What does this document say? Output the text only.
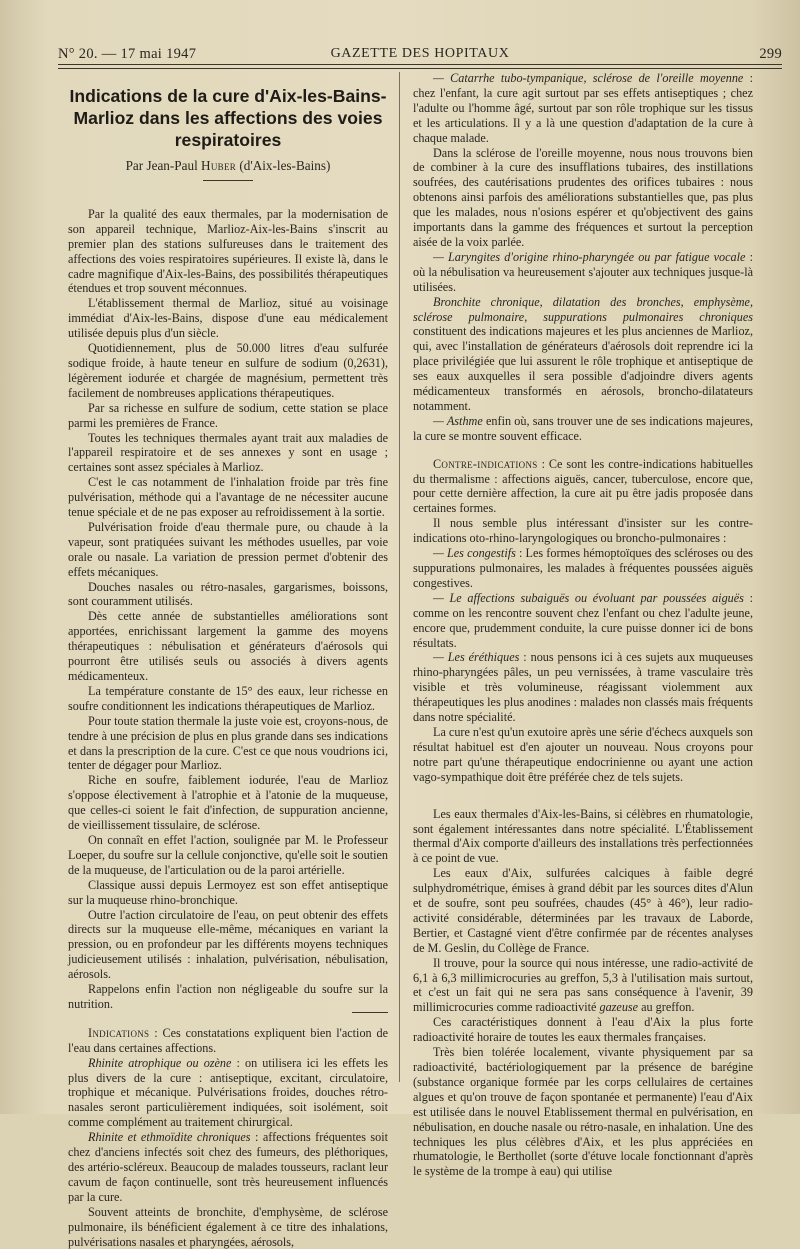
N° 20. — 17 mai 1947	GAZETTE DES HOPITAUX	299
Indications de la cure d'Aix-les-Bains-Marlioz dans les affections des voies respiratoires
Par Jean-Paul Huber (d'Aix-les-Bains)

Par la qualité des eaux thermales, par la modernisation de son appareil technique, Marlioz-Aix-les-Bains s'inscrit au premier plan des stations sulfureuses dans le traitement des affections des voies respiratoires supérieures. Il existe là, dans le cadre magnifique d'Aix-les-Bains, des possibilités thérapeutiques étendues et trop souvent méconnues.

L'établissement thermal de Marlioz, situé au voisinage immédiat d'Aix-les-Bains, dispose d'une eau médicalement utilisée depuis plus d'un siècle.

Quotidiennement, plus de 50.000 litres d'eau sulfurée sodique froide, à haute teneur en sulfure de sodium (0,2631), légèrement iodurée et chargée de magnésium, permettent très facilement de nombreuses applications thérapeutiques.

Par sa richesse en sulfure de sodium, cette station se place parmi les premières de France.

Toutes les techniques thermales ayant trait aux maladies de l'appareil respiratoire et de ses annexes y sont en usage ; certaines sont assez spéciales à Marlioz.

C'est le cas notamment de l'inhalation froide par très fine pulvérisation, méthode qui a l'avantage de ne nécessiter aucune tenue spéciale et de ne pas exposer au refroidissement à la sortie.

Pulvérisation froide d'eau thermale pure, ou chaude à la vapeur, sont pratiquées suivant les méthodes usuelles, par voie orale ou nasale. La variation de pression permet d'obtenir des effets mécaniques.

Douches nasales ou rétro-nasales, gargarismes, boissons, sont couramment utilisés.

Dès cette année de substantielles améliorations sont apportées, enrichissant largement la gamme des moyens thérapeutiques : nébulisation et générateurs d'aérosols qui pourront être utilisés seuls ou associés à divers agents médicamenteux.

La température constante de 15° des eaux, leur richesse en soufre conditionnent les indications thérapeutiques de Marlioz.

Pour toute station thermale la juste voie est, croyons-nous, de tendre à une précision de plus en plus grande dans ses indications et dans la prescription de la cure. C'est ce que nous voudrions ici, tenter de dégager pour Marlioz.

Riche en soufre, faiblement iodurée, l'eau de Marlioz s'oppose électivement à l'atrophie et à l'atonie de la muqueuse, que celles-ci soient le fait d'infection, de suppuration ancienne, de vieillissement tissulaire, de sclérose.

On connaît en effet l'action, soulignée par M. le Professeur Loeper, du soufre sur la cellule conjonctive, qu'elle soit le soutien de la muqueuse, de l'articulation ou de la paroi artérielle.

Classique aussi depuis Lermoyez est son effet antiseptique sur la muqueuse rhino-bronchique.

Outre l'action circulatoire de l'eau, on peut obtenir des effets directs sur la muqueuse elle-même, mécaniques en variant la pression, ou en profondeur par les différents moyens techniques judicieusement utilisés : inhalation, pulvérisation, nébulisation, aérosols.

Rappelons enfin l'action non négligeable du soufre sur la nutrition.

Indications : Ces constatations expliquent bien l'action de l'eau dans certaines affections.

Rhinite atrophique ou ozène : on utilisera ici les effets les plus divers de la cure : antiseptique, excitant, circulatoire, trophique et mécanique. Pulvérisations froides, douches rétro-nasales seront particulièrement indiquées, soit isolément, soit comme complément au traitement chirurgical.

Rhinite et ethmoïdite chroniques : affections fréquentes soit chez d'anciens infectés soit chez des fumeurs, des pléthoriques, des artério-scléreux. Beaucoup de malades tousseurs, raclant leur cavum de façon continuelle, sont très heureusement influencés par la cure.

Souvent atteints de bronchite, d'emphysème, de sclérose pulmonaire, ils bénéficient également à ce titre des inhalations, pulvérisations nasales et pharyngées, aérosols,

— Catarrhe tubo-tympanique, sclérose de l'oreille moyenne : chez l'enfant, la cure agit surtout par ses effets antiseptiques ; chez l'adulte ou l'homme âgé, surtout par son rôle trophique sur les tissus et les articulations. Il y a là une question d'adaptation de la cure à chaque malade.

Dans la sclérose de l'oreille moyenne, nous nous trouvons bien de combiner à la cure des insufflations tubaires, des instillations soufrées, des cautérisations prudentes des orifices tubaires : nous obtenons ainsi parfois des améliorations substantielles que, pas plus que les malades, nous n'osions espérer et qu'objectivent des gains importants dans la gamme des fréquences et surtout la perception aisée de la voix parlée.

— Laryngites d'origine rhino-pharyngée ou par fatigue vocale : où la nébulisation va heureusement s'ajouter aux techniques jusque-là utilisées.

Bronchite chronique, dilatation des bronches, emphysème, sclérose pulmonaire, suppurations pulmonaires chroniques constituent des indications majeures et les plus anciennes de Marlioz, qui, avec l'installation de générateurs d'aérosols doit reprendre ici la place privilégiée que lui assurent le rôle trophique et antiseptique de ses eaux auxquelles il sera possible d'adjoindre divers agents médicamenteux transformés en aérosols, broncho-dilatateurs notamment.

— Asthme enfin où, sans trouver une de ses indications majeures, la cure se montre souvent efficace.

Contre-indications : Ce sont les contre-indications habituelles du thermalisme : affections aiguës, cancer, tuberculose, encore que, pour cette dernière affection, la cure ait pu être jadis proposée dans certaines formes.

Il nous semble plus intéressant d'insister sur les contre-indications oto-rhino-laryngologiques ou broncho-pulmonaires :

— Les congestifs : Les formes hémoptoïques des scléroses ou des suppurations pulmonaires, les malades à fréquentes poussées aiguës congestives.

— Le affections subaiguës ou évoluant par poussées aiguës : comme on les rencontre souvent chez l'enfant ou chez l'adulte jeune, encore que, prudemment conduite, la cure puisse donner ici de bons résultats.

— Les éréthiques : nous pensons ici à ces sujets aux muqueuses rhino-pharyngées pâles, un peu vernissées, à trame vasculaire très visible et très volumineuse, réagissant violemment aux thérapeutiques les plus anodines : malades non classés mais fréquents dans notre spécialité.

La cure n'est qu'un exutoire après une série d'échecs auxquels son résultat habituel est d'en ajouter un nouveau. Nous croyons pour notre part qu'une thérapeutique endocrinienne ou ayant une action vago-sympathique doit être préférée chez de tels sujets.

Les eaux thermales d'Aix-les-Bains, si célèbres en rhumatologie, sont également intéressantes dans notre spécialité. L'Établissement thermal d'Aix comporte d'ailleurs des installations très perfectionnées à ce point de vue.

Les eaux d'Aix, sulfurées calciques à faible degré sulphydrométrique, émises à grand débit par les sources dites d'Alun et de soufre, sont peu soufrées, chaudes (45° à 46°), leur radio-activité considérable, déterminées par les travaux de Laborde, Bertier, et Castagné vient d'être confirmée par de récentes analyses de M. Geslin, du Collège de France.

Il trouve, pour la source qui nous intéresse, une radio-activité de 6,1 à 6,3 millimicrocuries au greffon, 5,3 à l'utilisation mais surtout, et c'est un fait qui ne sera pas sans conséquence à l'avenir, 39 millimicrocuries comme radioactivité gazeuse au greffon.

Ces caractéristiques donnent à l'eau d'Aix la plus forte radioactivité horaire de toutes les eaux thermales françaises.

Très bien tolérée localement, vivante physiquement par sa radioactivité, bactériologiquement par la présence de barégine (substance organique formée par les corps cellulaires de certaines algues et qu'on trouve de façon spontanée et permanente) l'eau d'Aix est utilisée dans le nouvel Etablissement thermal en pulvérisation, en nébulisation, en douche nasale ou rétro-nasale, en inhalation. Une des techniques les plus célèbres d'Aix, et les plus appréciées en rhumatologie, le Berthollet (sorte d'étuve locale fonctionnant d'après le système de la trompe à eau) qui utilise
